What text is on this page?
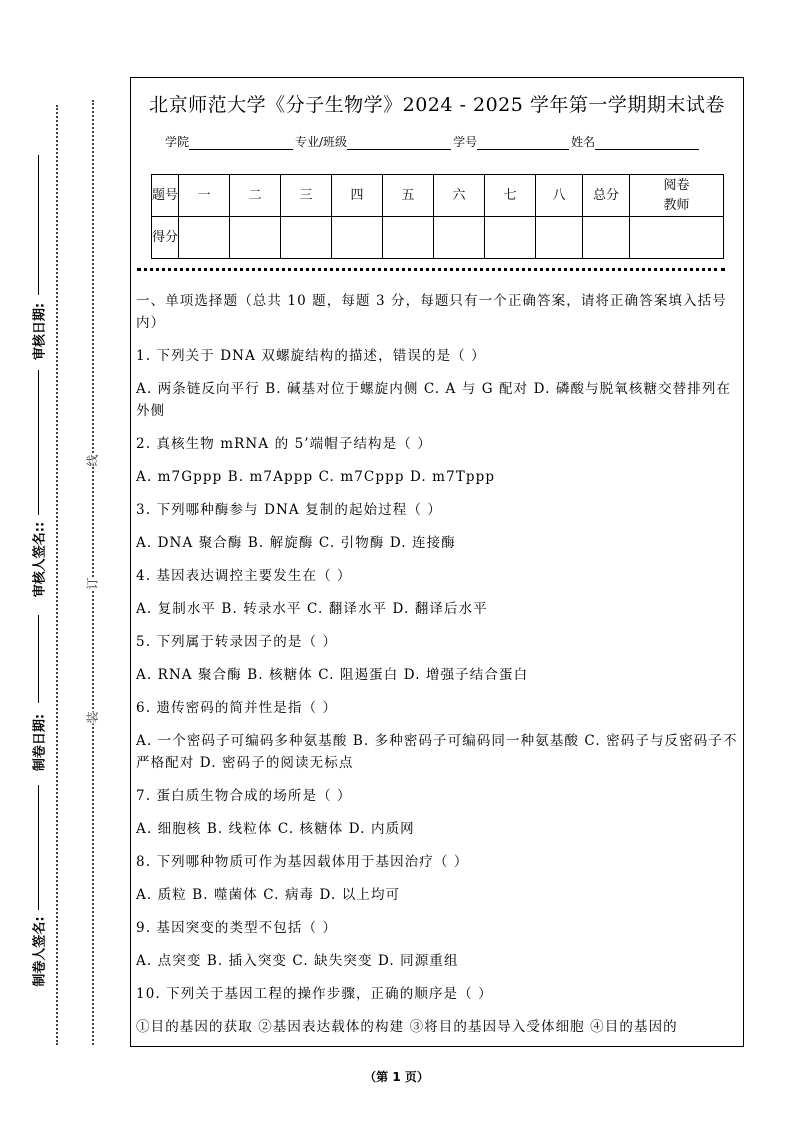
审核日期:
审核人签名::
制卷日期:
制卷人签名:
线
订
装
北京师范大学《分子生物学》2024 - 2025 学年第一学期期末试卷
学院	专业/班级	学号	姓名
题号	一	二	三	四	五	六	七	八	总分	阅卷教师
得分										

一、单项选择题（总共 10 题，每题 3 分，每题只有一个正确答案，请将正确答案填入括号内）

1. 下列关于 DNA 双螺旋结构的描述，错误的是（ ）

A. 两条链反向平行 B. 碱基对位于螺旋内侧 C. A 与 G 配对 D. 磷酸与脱氧核糖交替排列在外侧

2. 真核生物 mRNA 的 5’端帽子结构是（ ）

A. m7Gppp B. m7Appp C. m7Cppp D. m7Tppp

3. 下列哪种酶参与 DNA 复制的起始过程（ ）

A. DNA 聚合酶 B. 解旋酶 C. 引物酶 D. 连接酶

4. 基因表达调控主要发生在（ ）

A. 复制水平 B. 转录水平 C. 翻译水平 D. 翻译后水平

5. 下列属于转录因子的是（ ）

A. RNA 聚合酶 B. 核糖体 C. 阻遏蛋白 D. 增强子结合蛋白

6. 遗传密码的简并性是指（ ）

A. 一个密码子可编码多种氨基酸 B. 多种密码子可编码同一种氨基酸 C. 密码子与反密码子不严格配对 D. 密码子的阅读无标点

7. 蛋白质生物合成的场所是（ ）

A. 细胞核 B. 线粒体 C. 核糖体 D. 内质网

8. 下列哪种物质可作为基因载体用于基因治疗（ ）

A. 质粒 B. 噬菌体 C. 病毒 D. 以上均可

9. 基因突变的类型不包括（ ）

A. 点突变 B. 插入突变 C. 缺失突变 D. 同源重组

10. 下列关于基因工程的操作步骤，正确的顺序是（ ）

①目的基因的获取 ②基因表达载体的构建 ③将目的基因导入受体细胞 ④目的基因的

（第 1 页）
